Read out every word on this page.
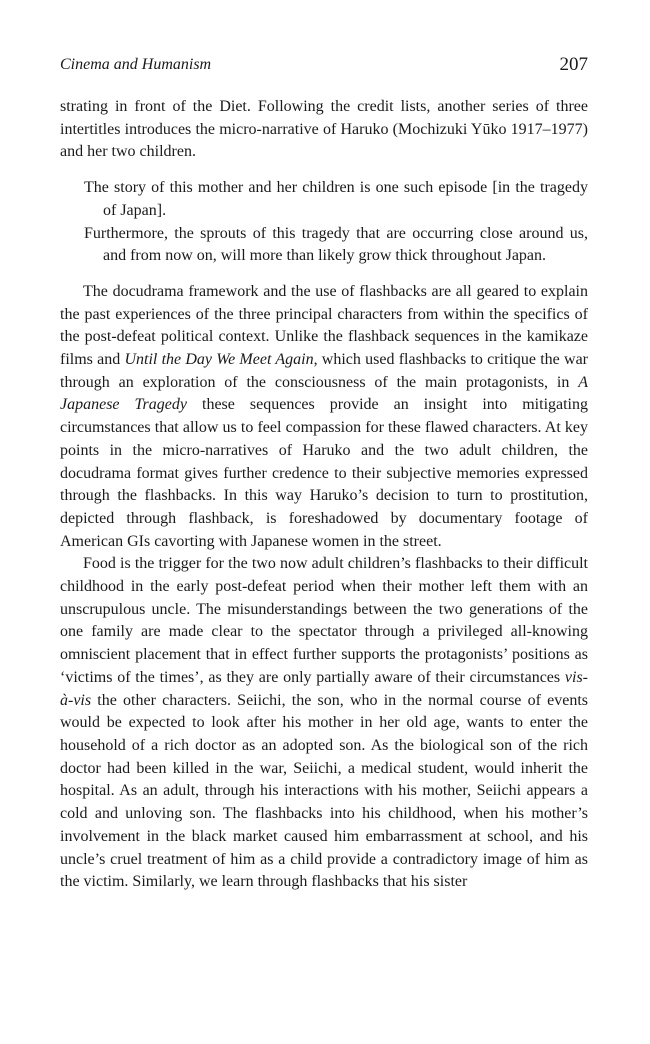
Cinema and Humanism	207

strating in front of the Diet. Following the credit lists, another series of three intertitles introduces the micro-narrative of Haruko (Mochizuki Yūko 1917–1977) and her two children.

The story of this mother and her children is one such episode [in the tragedy of Japan].

Furthermore, the sprouts of this tragedy that are occurring close around us, and from now on, will more than likely grow thick throughout Japan.

The docudrama framework and the use of flashbacks are all geared to explain the past experiences of the three principal characters from within the specifics of the post-defeat political context. Unlike the flashback sequences in the kamikaze films and Until the Day We Meet Again, which used flashbacks to critique the war through an exploration of the consciousness of the main protagonists, in A Japanese Tragedy these sequences provide an insight into mitigating circumstances that allow us to feel compassion for these flawed characters. At key points in the micro-narratives of Haruko and the two adult children, the docudrama format gives further credence to their subjective memories expressed through the flashbacks. In this way Haruko’s decision to turn to prostitution, depicted through flashback, is foreshadowed by documentary footage of American GIs cavorting with Japanese women in the street.

Food is the trigger for the two now adult children’s flashbacks to their difficult childhood in the early post-defeat period when their mother left them with an unscrupulous uncle. The misunderstandings between the two generations of the one family are made clear to the spectator through a privileged all-knowing omniscient placement that in effect further supports the protagonists’ positions as ‘victims of the times’, as they are only partially aware of their circumstances vis-à-vis the other characters. Seiichi, the son, who in the normal course of events would be expected to look after his mother in her old age, wants to enter the household of a rich doctor as an adopted son. As the biological son of the rich doctor had been killed in the war, Seiichi, a medical student, would inherit the hospital. As an adult, through his interactions with his mother, Seiichi appears a cold and unloving son. The flashbacks into his childhood, when his mother’s involvement in the black market caused him embarrassment at school, and his uncle’s cruel treatment of him as a child provide a contradictory image of him as the victim. Similarly, we learn through flashbacks that his sister
